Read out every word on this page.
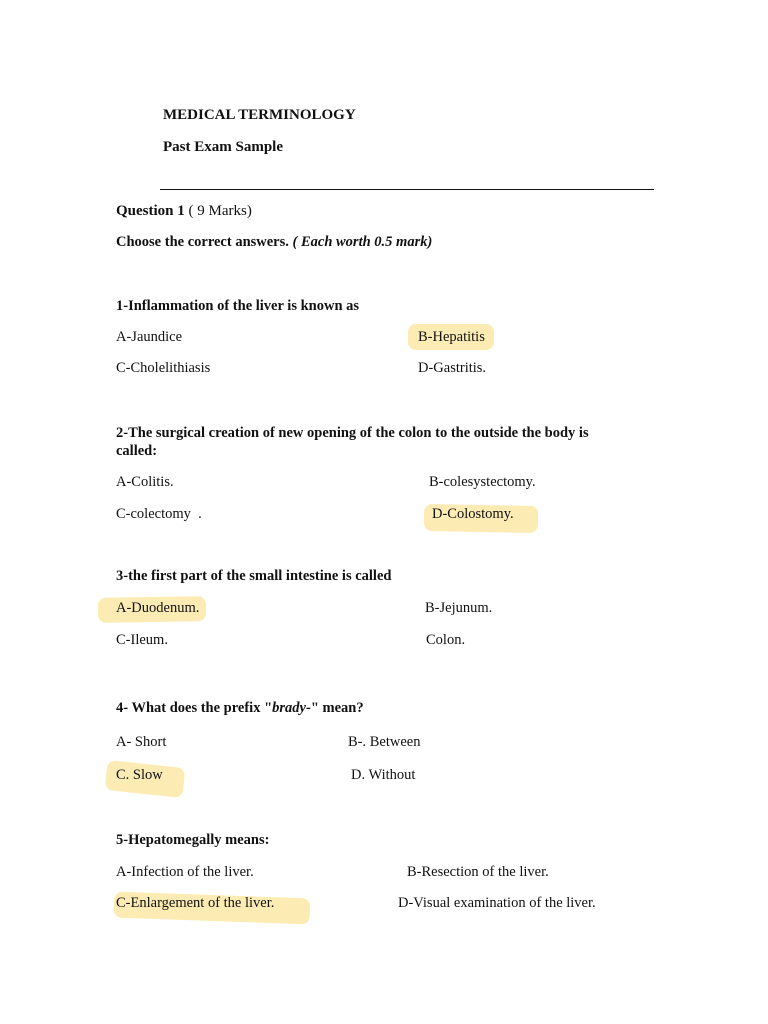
MEDICAL TERMINOLOGY
Past Exam Sample
Question 1 ( 9 Marks)
Choose the correct answers. ( Each worth 0.5 mark)
1-Inflammation of the liver is known as
A-Jaundice	B-Hepatitis
C-Cholelithiasis	D-Gastritis.
2-The surgical creation of new opening of the colon to the outside the body is
called:
A-Colitis.	B-colesystectomy.
C-colectomy  .	D-Colostomy.
3-the first part of the small intestine is called
A-Duodenum.	B-Jejunum.
C-Ileum.	Colon.
4- What does the prefix "brady-" mean?
A- Short	B-. Between
C. Slow	D. Without
5-Hepatomegally means:
A-Infection of the liver.	B-Resection of the liver.
C-Enlargement of the liver.	D-Visual examination of the liver.
